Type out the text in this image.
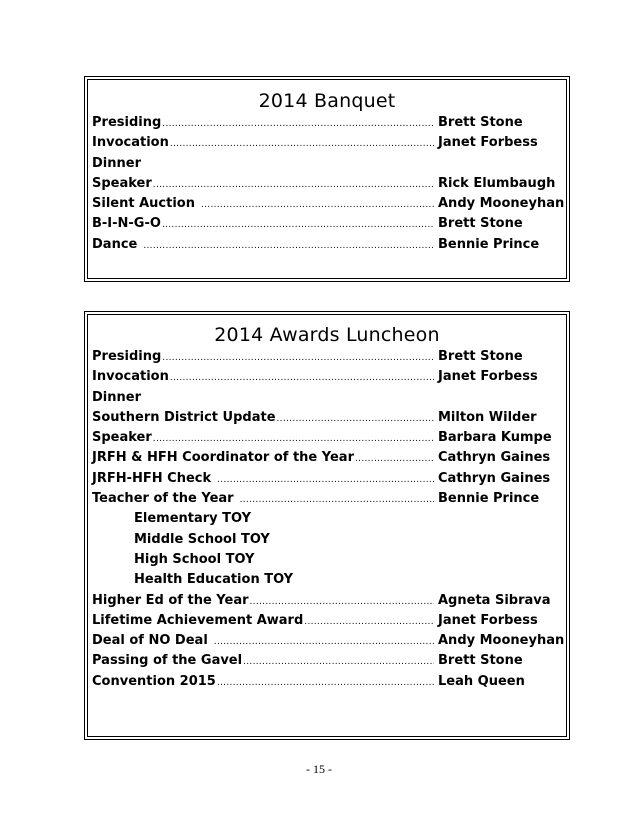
2014 Banquet
Presiding .....	Brett Stone
Invocation .....	Janet Forbess
Dinner
Speaker .....	Rick Elumbaugh
Silent Auction .....	Andy Mooneyhan
B-I-N-G-O .....	Brett Stone
Dance .....	Bennie Prince
2014 Awards Luncheon
Presiding .....	Brett Stone
Invocation .....	Janet Forbess
Dinner
Southern District Update .....	Milton Wilder
Speaker .....	Barbara Kumpe
JRFH & HFH Coordinator of the Year .....	Cathryn Gaines
JRFH-HFH Check .....	Cathryn Gaines
Teacher of the Year .....	Bennie Prince
Elementary TOY
Middle School TOY
High School TOY
Health Education TOY
Higher Ed of the Year .....	Agneta Sibrava
Lifetime Achievement Award .....	Janet Forbess
Deal of NO Deal .....	Andy Mooneyhan
Passing of the Gavel .....	Brett Stone
Convention 2015 .....	Leah Queen
- 15 -
